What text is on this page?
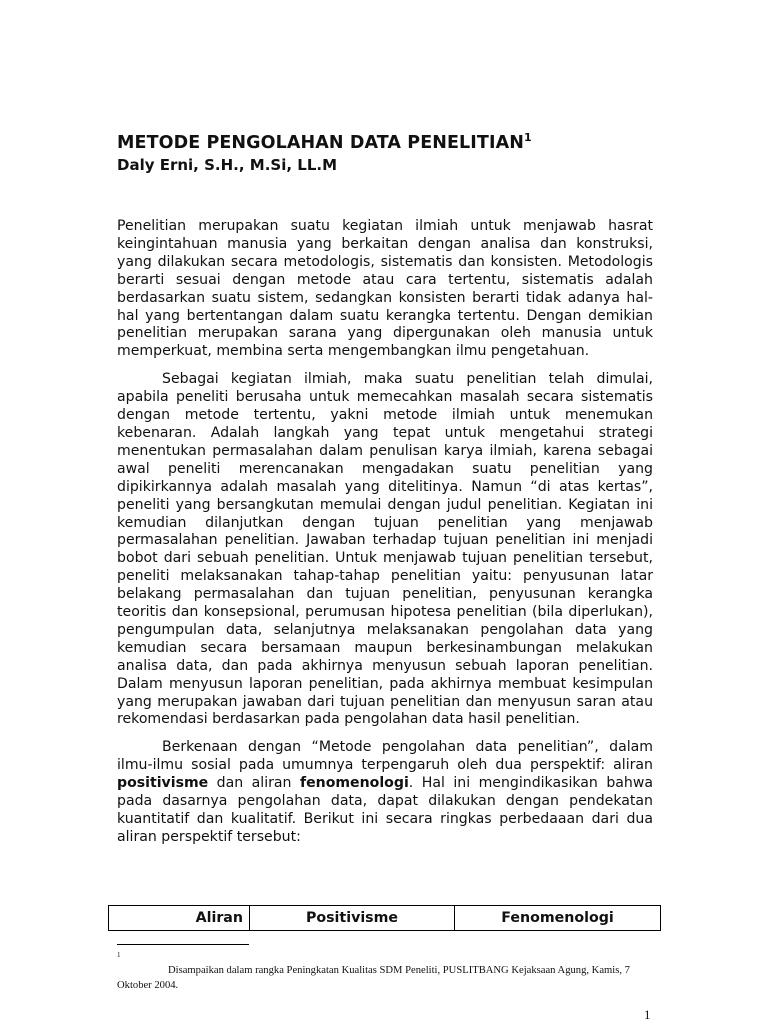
METODE PENGOLAHAN DATA PENELITIAN$^1$

Daly Erni, S.H., M.Si, LL.M

Penelitian merupakan suatu kegiatan ilmiah untuk menjawab hasrat keingintahuan manusia yang berkaitan dengan analisa dan konstruksi, yang dilakukan secara metodologis, sistematis dan konsisten. Metodologis berarti sesuai dengan metode atau cara tertentu, sistematis adalah berdasarkan suatu sistem, sedangkan konsisten berarti tidak adanya hal-hal yang bertentangan dalam suatu kerangka tertentu. Dengan demikian penelitian merupakan sarana yang dipergunakan oleh manusia untuk memperkuat, membina serta mengembangkan ilmu pengetahuan.

Sebagai kegiatan ilmiah, maka suatu penelitian telah dimulai, apabila peneliti berusaha untuk memecahkan masalah secara sistematis dengan metode tertentu, yakni metode ilmiah untuk menemukan kebenaran. Adalah langkah yang tepat untuk mengetahui strategi menentukan permasalahan dalam penulisan karya ilmiah, karena sebagai awal peneliti merencanakan mengadakan suatu penelitian yang dipikirkannya adalah masalah yang ditelitinya. Namun “di atas kertas”, peneliti yang bersangkutan memulai dengan judul penelitian. Kegiatan ini kemudian dilanjutkan dengan tujuan penelitian yang menjawab permasalahan penelitian. Jawaban terhadap tujuan penelitian ini menjadi bobot dari sebuah penelitian. Untuk menjawab tujuan penelitian tersebut, peneliti melaksanakan tahap-tahap penelitian yaitu: penyusunan latar belakang permasalahan dan tujuan penelitian, penyusunan kerangka teoritis dan konsepsional, perumusan hipotesa penelitian (bila diperlukan), pengumpulan data, selanjutnya melaksanakan pengolahan data yang kemudian secara bersamaan maupun berkesinambungan melakukan analisa data, dan pada akhirnya menyusun sebuah laporan penelitian. Dalam menyusun laporan penelitian, pada akhirnya membuat kesimpulan yang merupakan jawaban dari tujuan penelitian dan menyusun saran atau rekomendasi berdasarkan pada pengolahan data hasil penelitian.

Berkenaan dengan “Metode pengolahan data penelitian”, dalam ilmu-ilmu sosial pada umumnya terpengaruh oleh dua perspektif: aliran positivisme dan aliran fenomenologi. Hal ini mengindikasikan bahwa pada dasarnya pengolahan data, dapat dilakukan dengan pendekatan kuantitatif dan kualitatif. Berikut ini secara ringkas perbedaaan dari dua aliran perspektif tersebut:

Aliran	Positivisme	Fenomenologi
1
Disampaikan dalam rangka Peningkatan Kualitas SDM Peneliti, PUSLITBANG Kejaksaan Agung, Kamis, 7 Oktober 2004.
1
